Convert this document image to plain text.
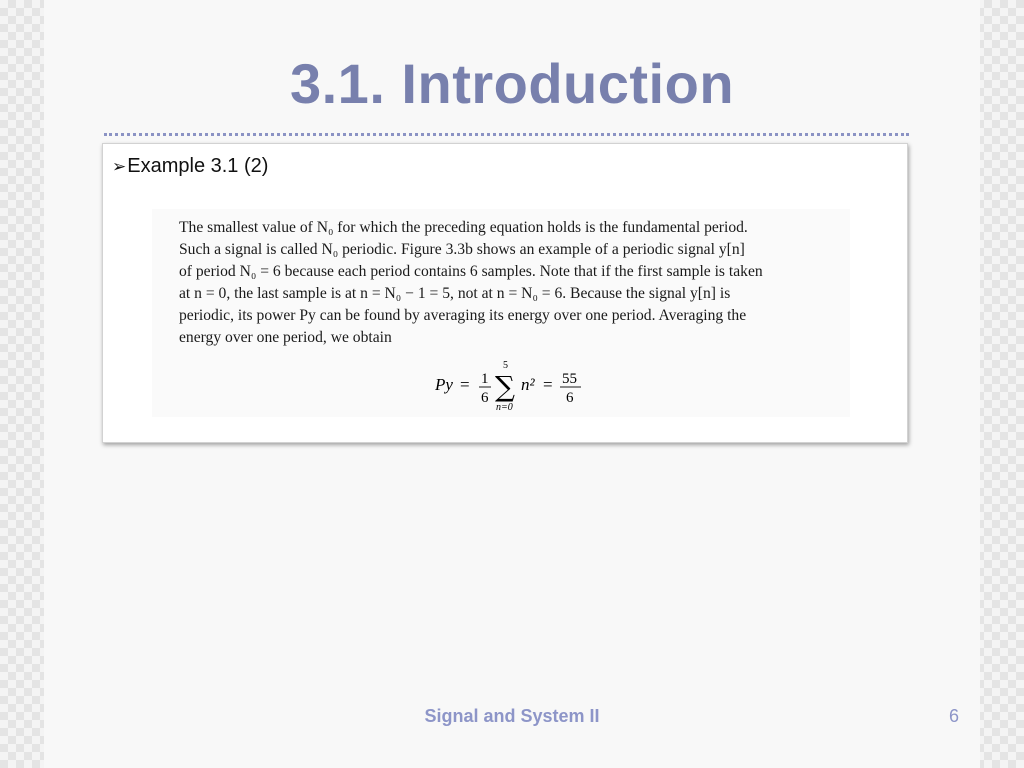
3.1. Introduction
➢Example 3.1 (2)

The smallest value of N₀ for which the preceding equation holds is the fundamental period.

Such a signal is called N₀ periodic. Figure 3.3b shows an example of a periodic signal y[n]

of period N₀ = 6 because each period contains 6 samples. Note that if the first sample is taken

at n = 0, the last sample is at n = N₀ − 1 = 5, not at n = N₀ = 6. Because the signal y[n] is

periodic, its power Py can be found by averaging its energy over one period. Averaging the

energy over one period, we obtain

Py = 1
6
5
∑
n=0
n² = 55
6
Signal and System II	6
